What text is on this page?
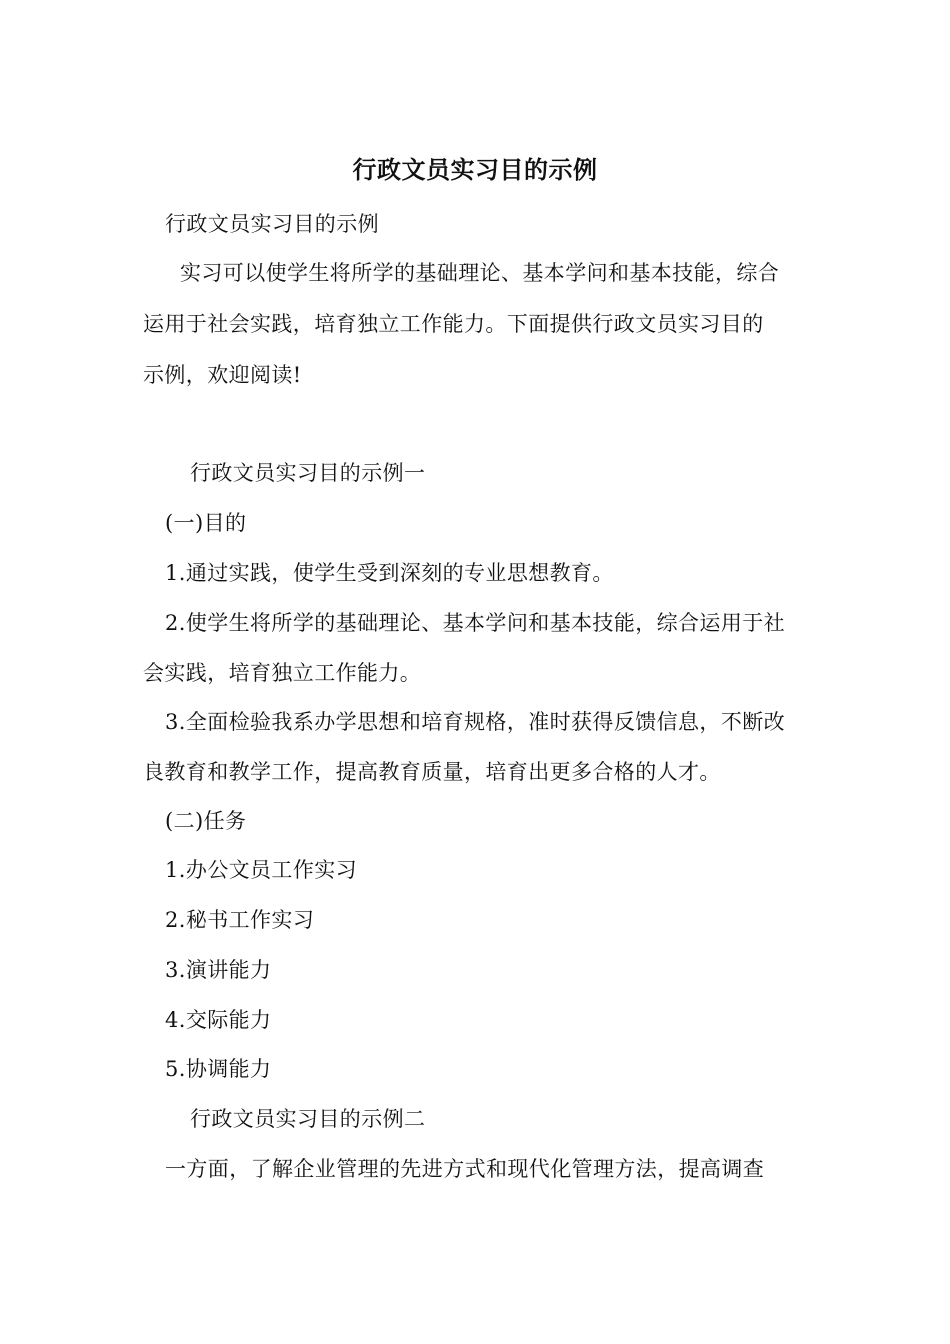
行政文员实习目的示例
行政文员实习目的示例
实习可以使学生将所学的基础理论、基本学问和基本技能，综合
运用于社会实践，培育独立工作能力。下面提供行政文员实习目的
示例，欢迎阅读!
行政文员实习目的示例一
(一)目的
1.通过实践，使学生受到深刻的专业思想教育。
2.使学生将所学的基础理论、基本学问和基本技能，综合运用于社
会实践，培育独立工作能力。
3.全面检验我系办学思想和培育规格，准时获得反馈信息，不断改
良教育和教学工作，提高教育质量，培育出更多合格的人才。
(二)任务
1.办公文员工作实习
2.秘书工作实习
3.演讲能力
4.交际能力
5.协调能力
行政文员实习目的示例二
一方面，了解企业管理的先进方式和现代化管理方法，提高调查
